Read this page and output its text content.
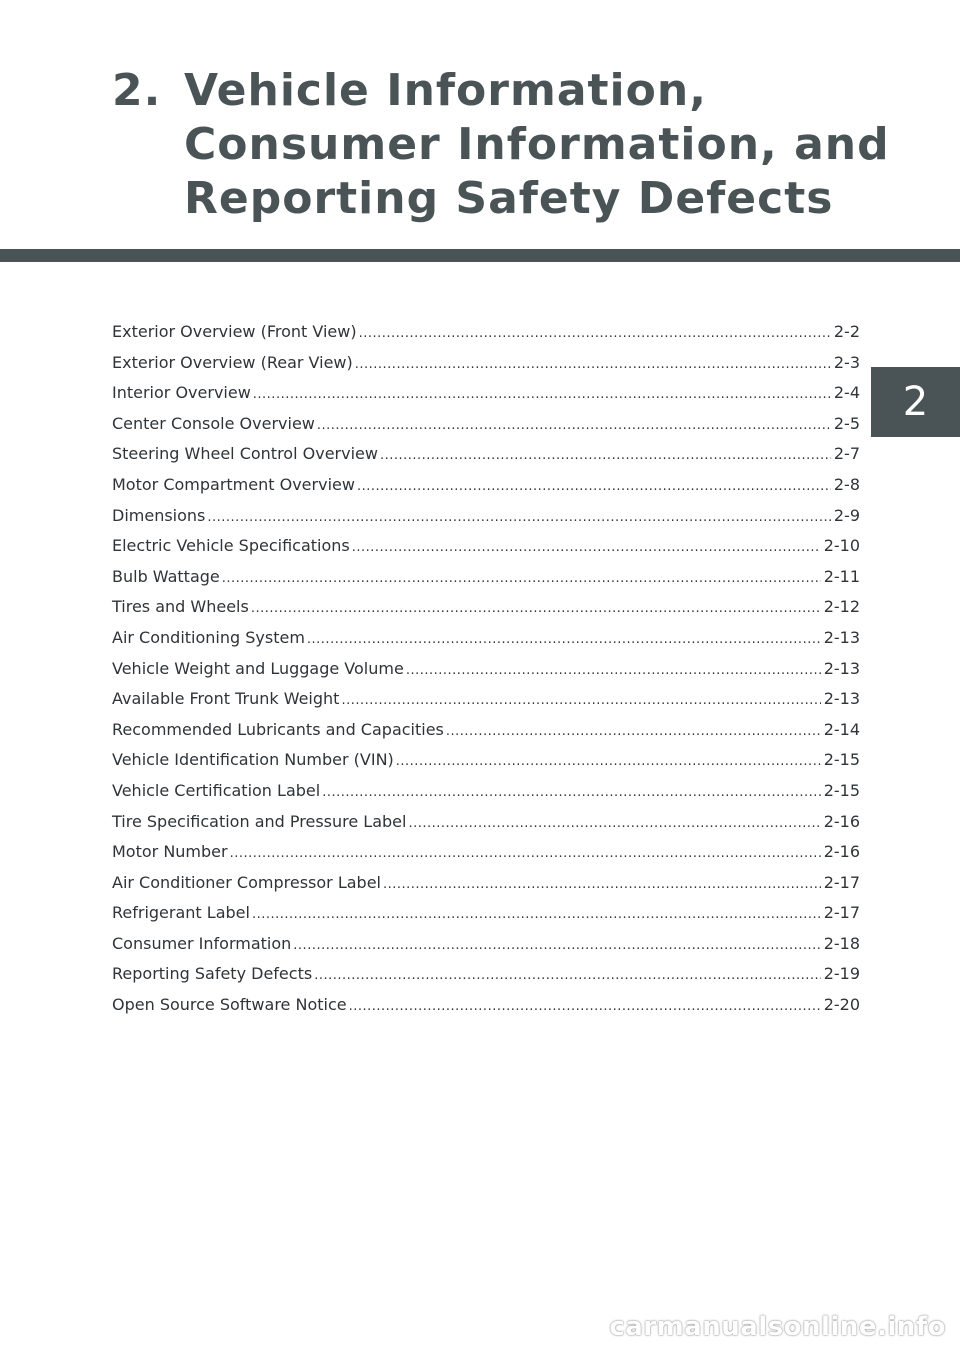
2. Vehicle Information,
Consumer Information, and
Reporting Safety Defects
2
Exterior Overview (Front View) .....	2-2
Exterior Overview (Rear View) .....	2-3
Interior Overview .....	2-4
Center Console Overview .....	2-5
Steering Wheel Control Overview .....	2-7
Motor Compartment Overview .....	2-8
Dimensions .....	2-9
Electric Vehicle Specifications .....	2-10
Bulb Wattage .....	2-11
Tires and Wheels .....	2-12
Air Conditioning System .....	2-13
Vehicle Weight and Luggage Volume .....	2-13
Available Front Trunk Weight .....	2-13
Recommended Lubricants and Capacities .....	2-14
Vehicle Identification Number (VIN) .....	2-15
Vehicle Certification Label .....	2-15
Tire Specification and Pressure Label .....	2-16
Motor Number .....	2-16
Air Conditioner Compressor Label .....	2-17
Refrigerant Label .....	2-17
Consumer Information .....	2-18
Reporting Safety Defects .....	2-19
Open Source Software Notice .....	2-20
carmanualsonline.info
